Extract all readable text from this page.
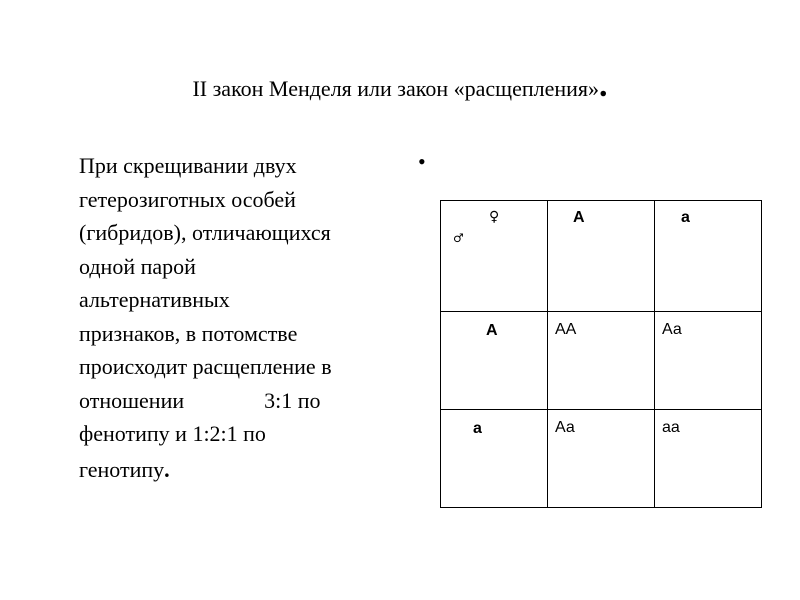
II закон Менделя или закон «расщепления».
При скрещивании двух
гетерозиготных особей
(гибридов), отличающихся
одной парой
альтернативных
признаков, в потомстве
происходит расщепление в
отношении	3:1 по
фенотипу и 1:2:1 по
генотипу.
•
♀
♂	А	а

А	АА	Аа

а	Аа	аа
